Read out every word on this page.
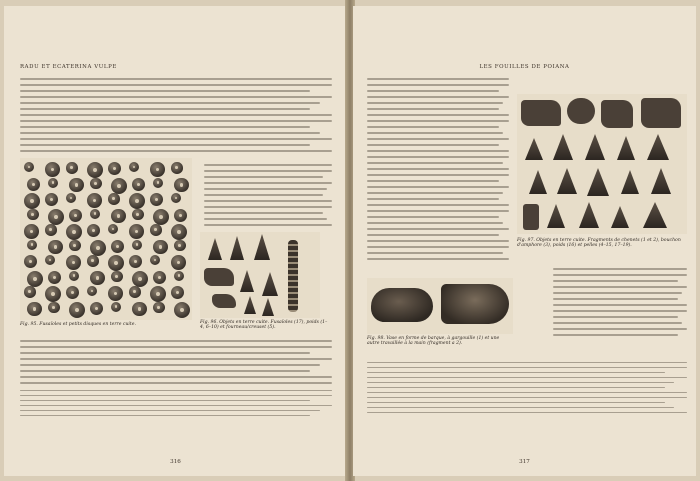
RADU ET ECATERINA VULPE
Fig. 95. Fusaïoles et petits disques en terre cuite.	Fig. 96. Objets en terre cuite. Fusaïoles (17), poids (1–4, 6–10) et fourneau/creuset (5).
316
LES FOUILLES DE POIANA
Fig. 97. Objets en terre cuite. Fragments de chenets (1 et 2), bouchon d'amphore (3), poids (16) et pelles (4–15, 17–19).
Fig. 98. Vase en forme de barque, à gargouille (1) et une autre travaillée à la main (fragment a 2).
317
